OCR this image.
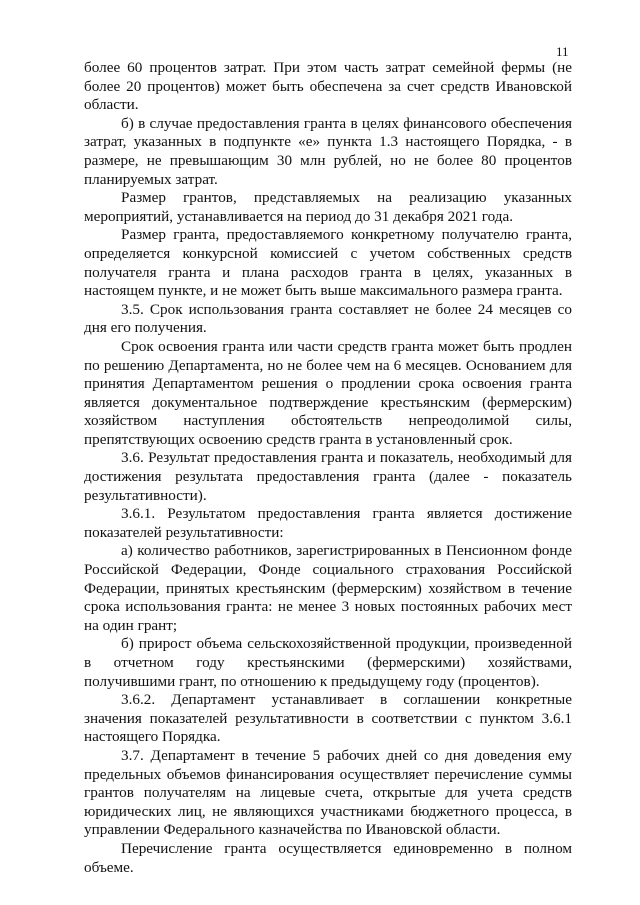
11

более 60 процентов затрат. При этом часть затрат семейной фермы (не более 20 процентов) может быть обеспечена за счет средств Ивановской области.

б) в случае предоставления гранта в целях финансового обеспечения затрат, указанных в подпункте «е» пункта 1.3 настоящего Порядка, - в размере, не превышающим 30 млн рублей, но не более 80 процентов планируемых затрат.

Размер грантов, представляемых на реализацию указанных мероприятий, устанавливается на период до 31 декабря 2021 года.

Размер гранта, предоставляемого конкретному получателю гранта, определяется конкурсной комиссией с учетом собственных средств получателя гранта и плана расходов гранта в целях, указанных в настоящем пункте, и не может быть выше максимального размера гранта.

3.5. Срок использования гранта составляет не более 24 месяцев со дня его получения.

Срок освоения гранта или части средств гранта может быть продлен по решению Департамента, но не более чем на 6 месяцев. Основанием для принятия Департаментом решения о продлении срока освоения гранта является документальное подтверждение крестьянским (фермерским) хозяйством наступления обстоятельств непреодолимой силы, препятствующих освоению средств гранта в установленный срок.

3.6. Результат предоставления гранта и показатель, необходимый для достижения результата предоставления гранта (далее - показатель результативности).

3.6.1. Результатом предоставления гранта является достижение показателей результативности:

а) количество работников, зарегистрированных в Пенсионном фонде Российской Федерации, Фонде социального страхования Российской Федерации, принятых крестьянским (фермерским) хозяйством в течение срока использования гранта: не менее 3 новых постоянных рабочих мест на один грант;

б) прирост объема сельскохозяйственной продукции, произведенной в отчетном году крестьянскими (фермерскими) хозяйствами, получившими грант, по отношению к предыдущему году (процентов).

3.6.2. Департамент устанавливает в соглашении конкретные значения показателей результативности в соответствии с пунктом 3.6.1 настоящего Порядка.

3.7. Департамент в течение 5 рабочих дней со дня доведения ему предельных объемов финансирования осуществляет перечисление суммы грантов получателям на лицевые счета, открытые для учета средств юридических лиц, не являющихся участниками бюджетного процесса, в управлении Федерального казначейства по Ивановской области.

Перечисление гранта осуществляется единовременно в полном объеме.
